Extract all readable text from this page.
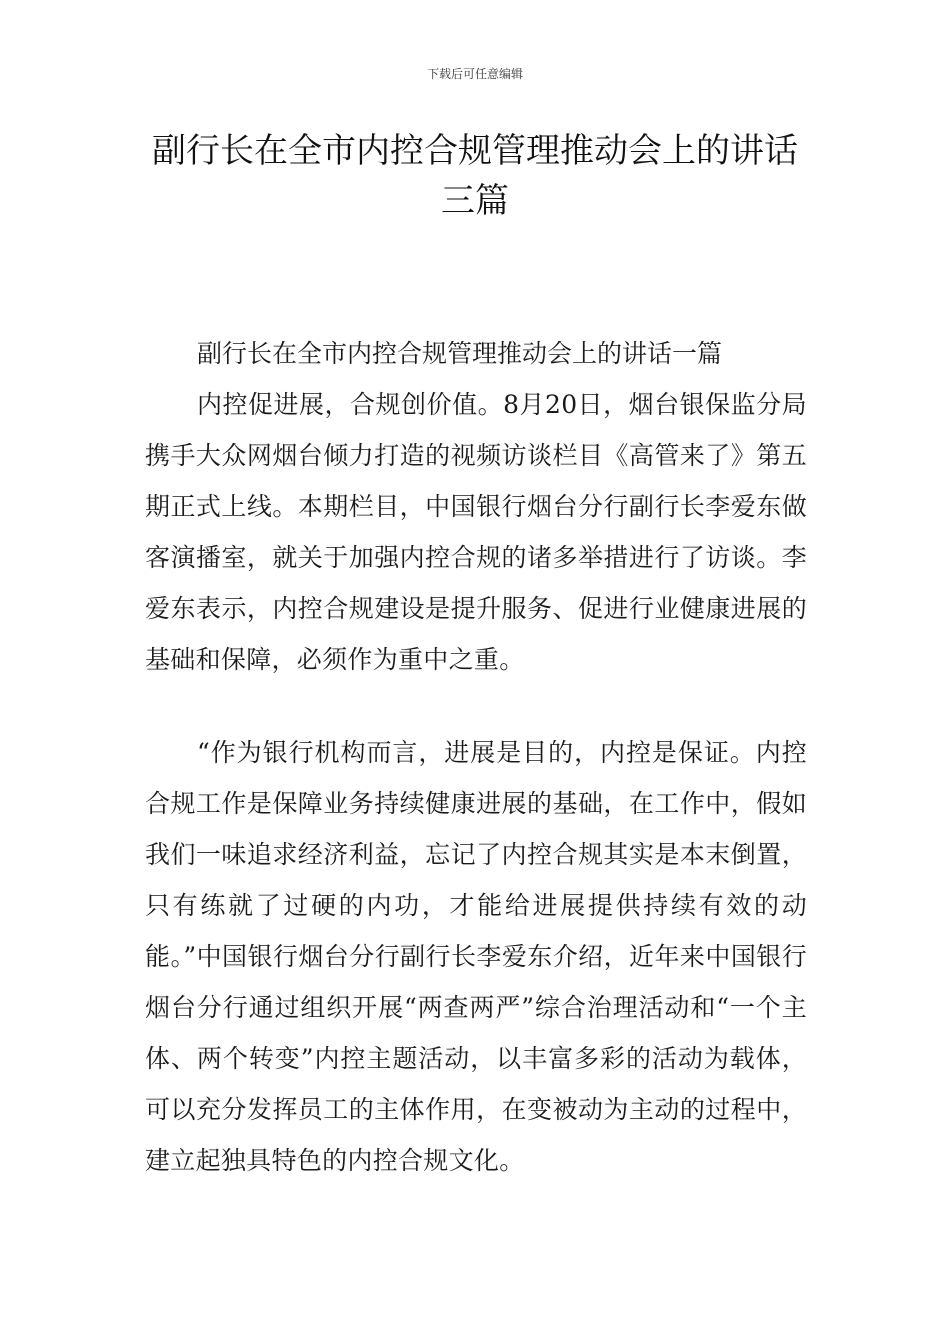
下载后可任意编辑
副行长在全市内控合规管理推动会上的讲话三篇

副行长在全市内控合规管理推动会上的讲话一篇

内控促进展，合规创价值。8月20日，烟台银保监分局携手大众网烟台倾力打造的视频访谈栏目《高管来了》第五期正式上线。本期栏目，中国银行烟台分行副行长李爱东做客演播室，就关于加强内控合规的诸多举措进行了访谈。李爱东表示，内控合规建设是提升服务、促进行业健康进展的基础和保障，必须作为重中之重。

“作为银行机构而言，进展是目的，内控是保证。内控合规工作是保障业务持续健康进展的基础，在工作中，假如我们一味追求经济利益，忘记了内控合规其实是本末倒置，只有练就了过硬的内功，才能给进展提供持续有效的动能。”中国银行烟台分行副行长李爱东介绍，近年来中国银行烟台分行通过组织开展“两查两严”综合治理活动和“一个主体、两个转变”内控主题活动，以丰富多彩的活动为载体，可以充分发挥员工的主体作用，在变被动为主动的过程中，建立起独具特色的内控合规文化。
